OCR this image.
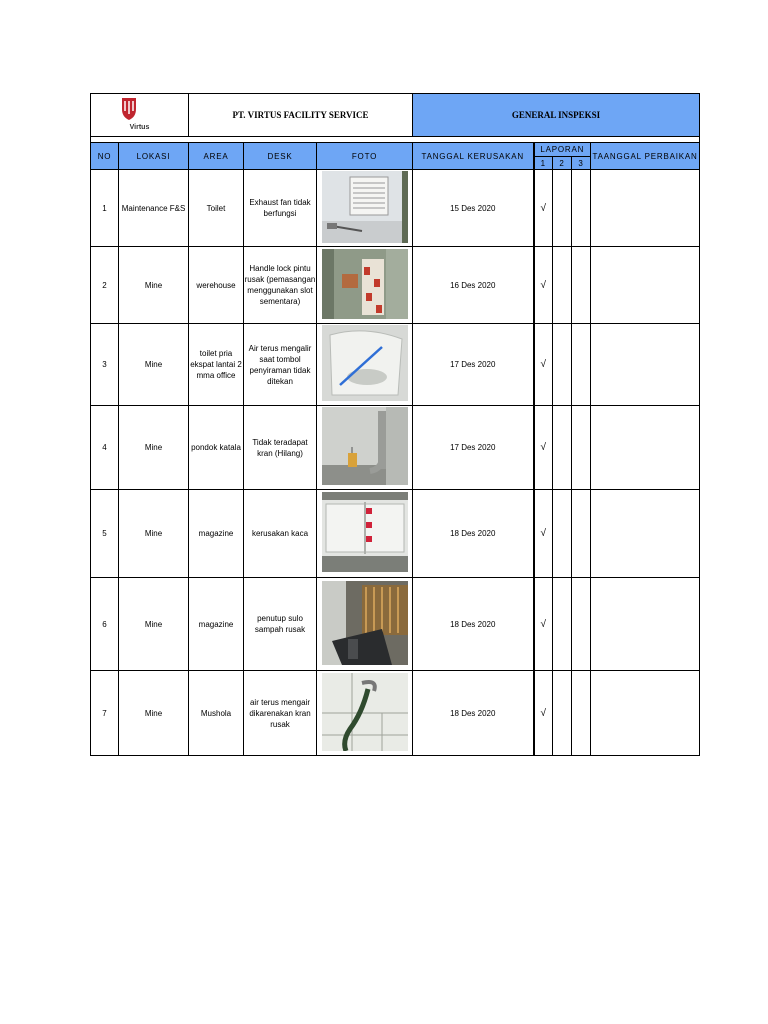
Virtus		PT. VIRTUS FACILITY SERVICE			GENERAL INSPEKSI				

NO	LOKASI	AREA	DESK	FOTO	TANGGAL KERUSAKAN	LAPORAN			TAANGGAL PERBAIKAN
						1	2	3	
1	Maintenance F&S	Toilet	Exhaust fan tidak berfungsi		15 Des 2020	√			
2	Mine	werehouse	Handle lock pintu rusak (pemasangan menggunakan slot sementara)		16 Des 2020	√			
3	Mine	toilet pria ekspat lantai 2 mma office	Air terus mengalir saat tombol penyiraman tidak ditekan		17 Des 2020	√			
4	Mine	pondok katala	Tidak teradapat kran (Hilang)		17 Des 2020	√			
5	Mine	magazine	kerusakan kaca		18 Des 2020	√			
6	Mine	magazine	penutup sulo sampah rusak		18 Des 2020	√			
7	Mine	Mushola	air terus mengair dikarenakan kran rusak		18 Des 2020	√			
